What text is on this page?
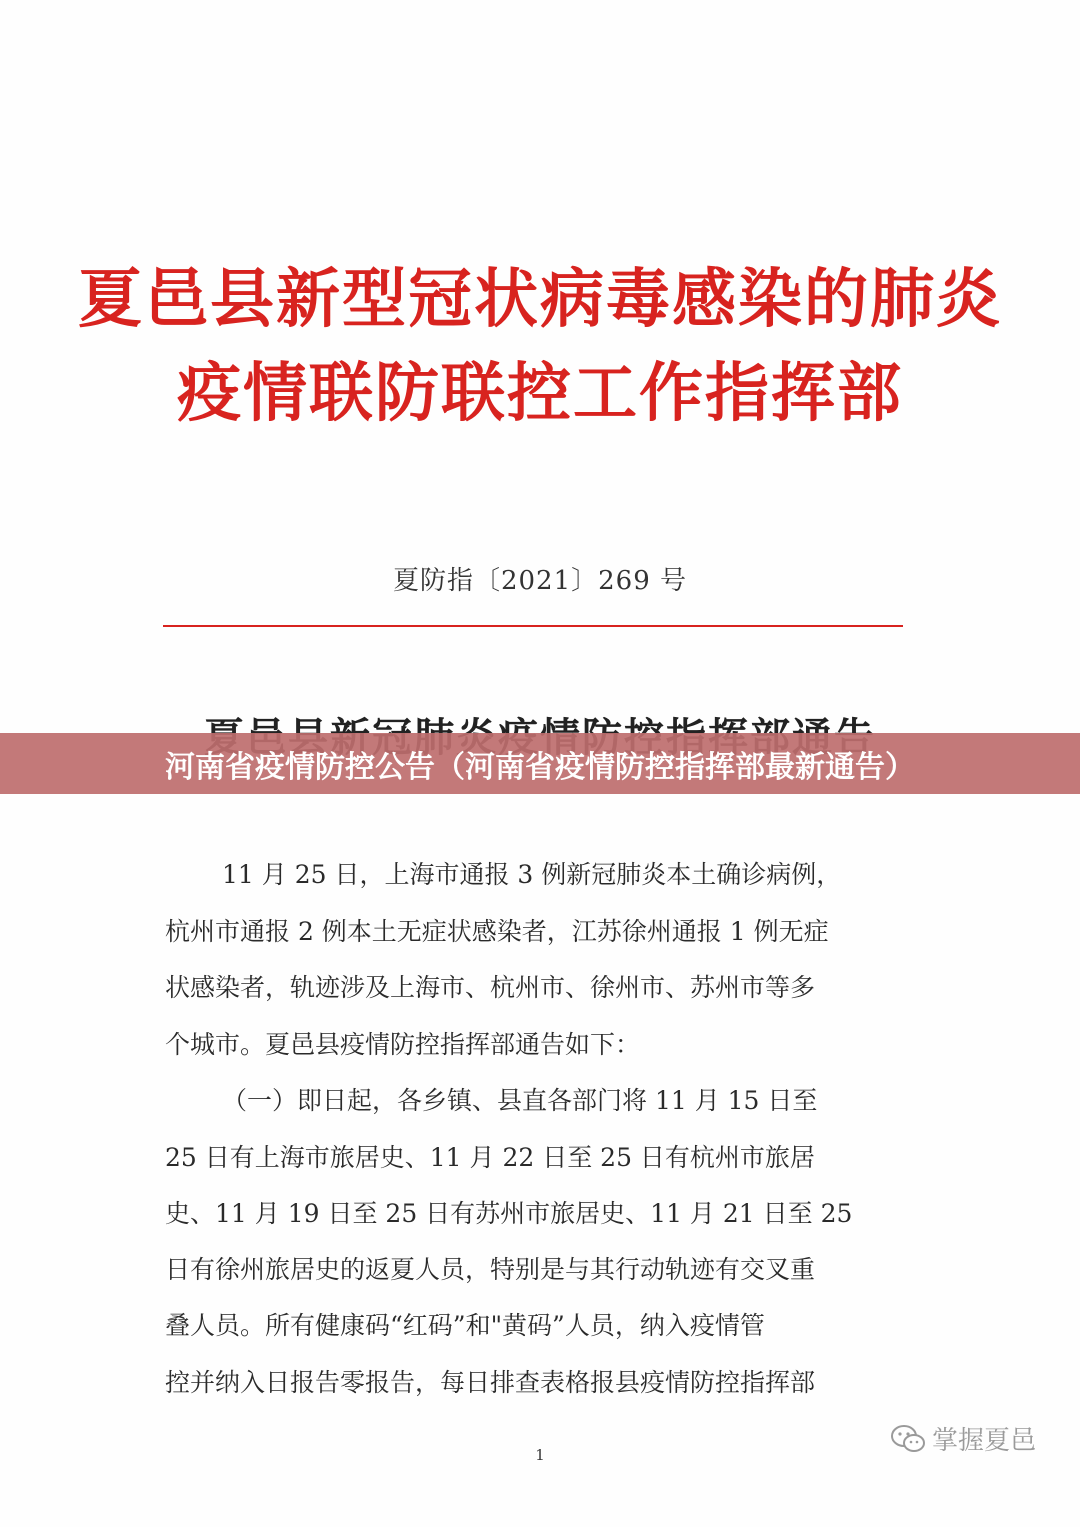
夏邑县新型冠状病毒感染的肺炎
疫情联防联控工作指挥部
夏防指〔2021〕269 号
11 月 25 日，上海市通报 3 例新冠肺炎本土确诊病例，
杭州市通报 2 例本土无症状感染者，江苏徐州通报 1 例无症
状感染者，轨迹涉及上海市、杭州市、徐州市、苏州市等多
个城市。夏邑县疫情防控指挥部通告如下：
（一）即日起，各乡镇、县直各部门将 11 月 15 日至
25 日有上海市旅居史、11 月 22 日至 25 日有杭州市旅居
史、11 月 19 日至 25 日有苏州市旅居史、11 月 21 日至 25
日有徐州旅居史的返夏人员，特别是与其行动轨迹有交叉重
叠人员。所有健康码“红码”和"黄码”人员，纳入疫情管
控并纳入日报告零报告，每日排查表格报县疫情防控指挥部
1	掌握夏邑
河南省疫情防控公告（河南省疫情防控指挥部最新通告）
